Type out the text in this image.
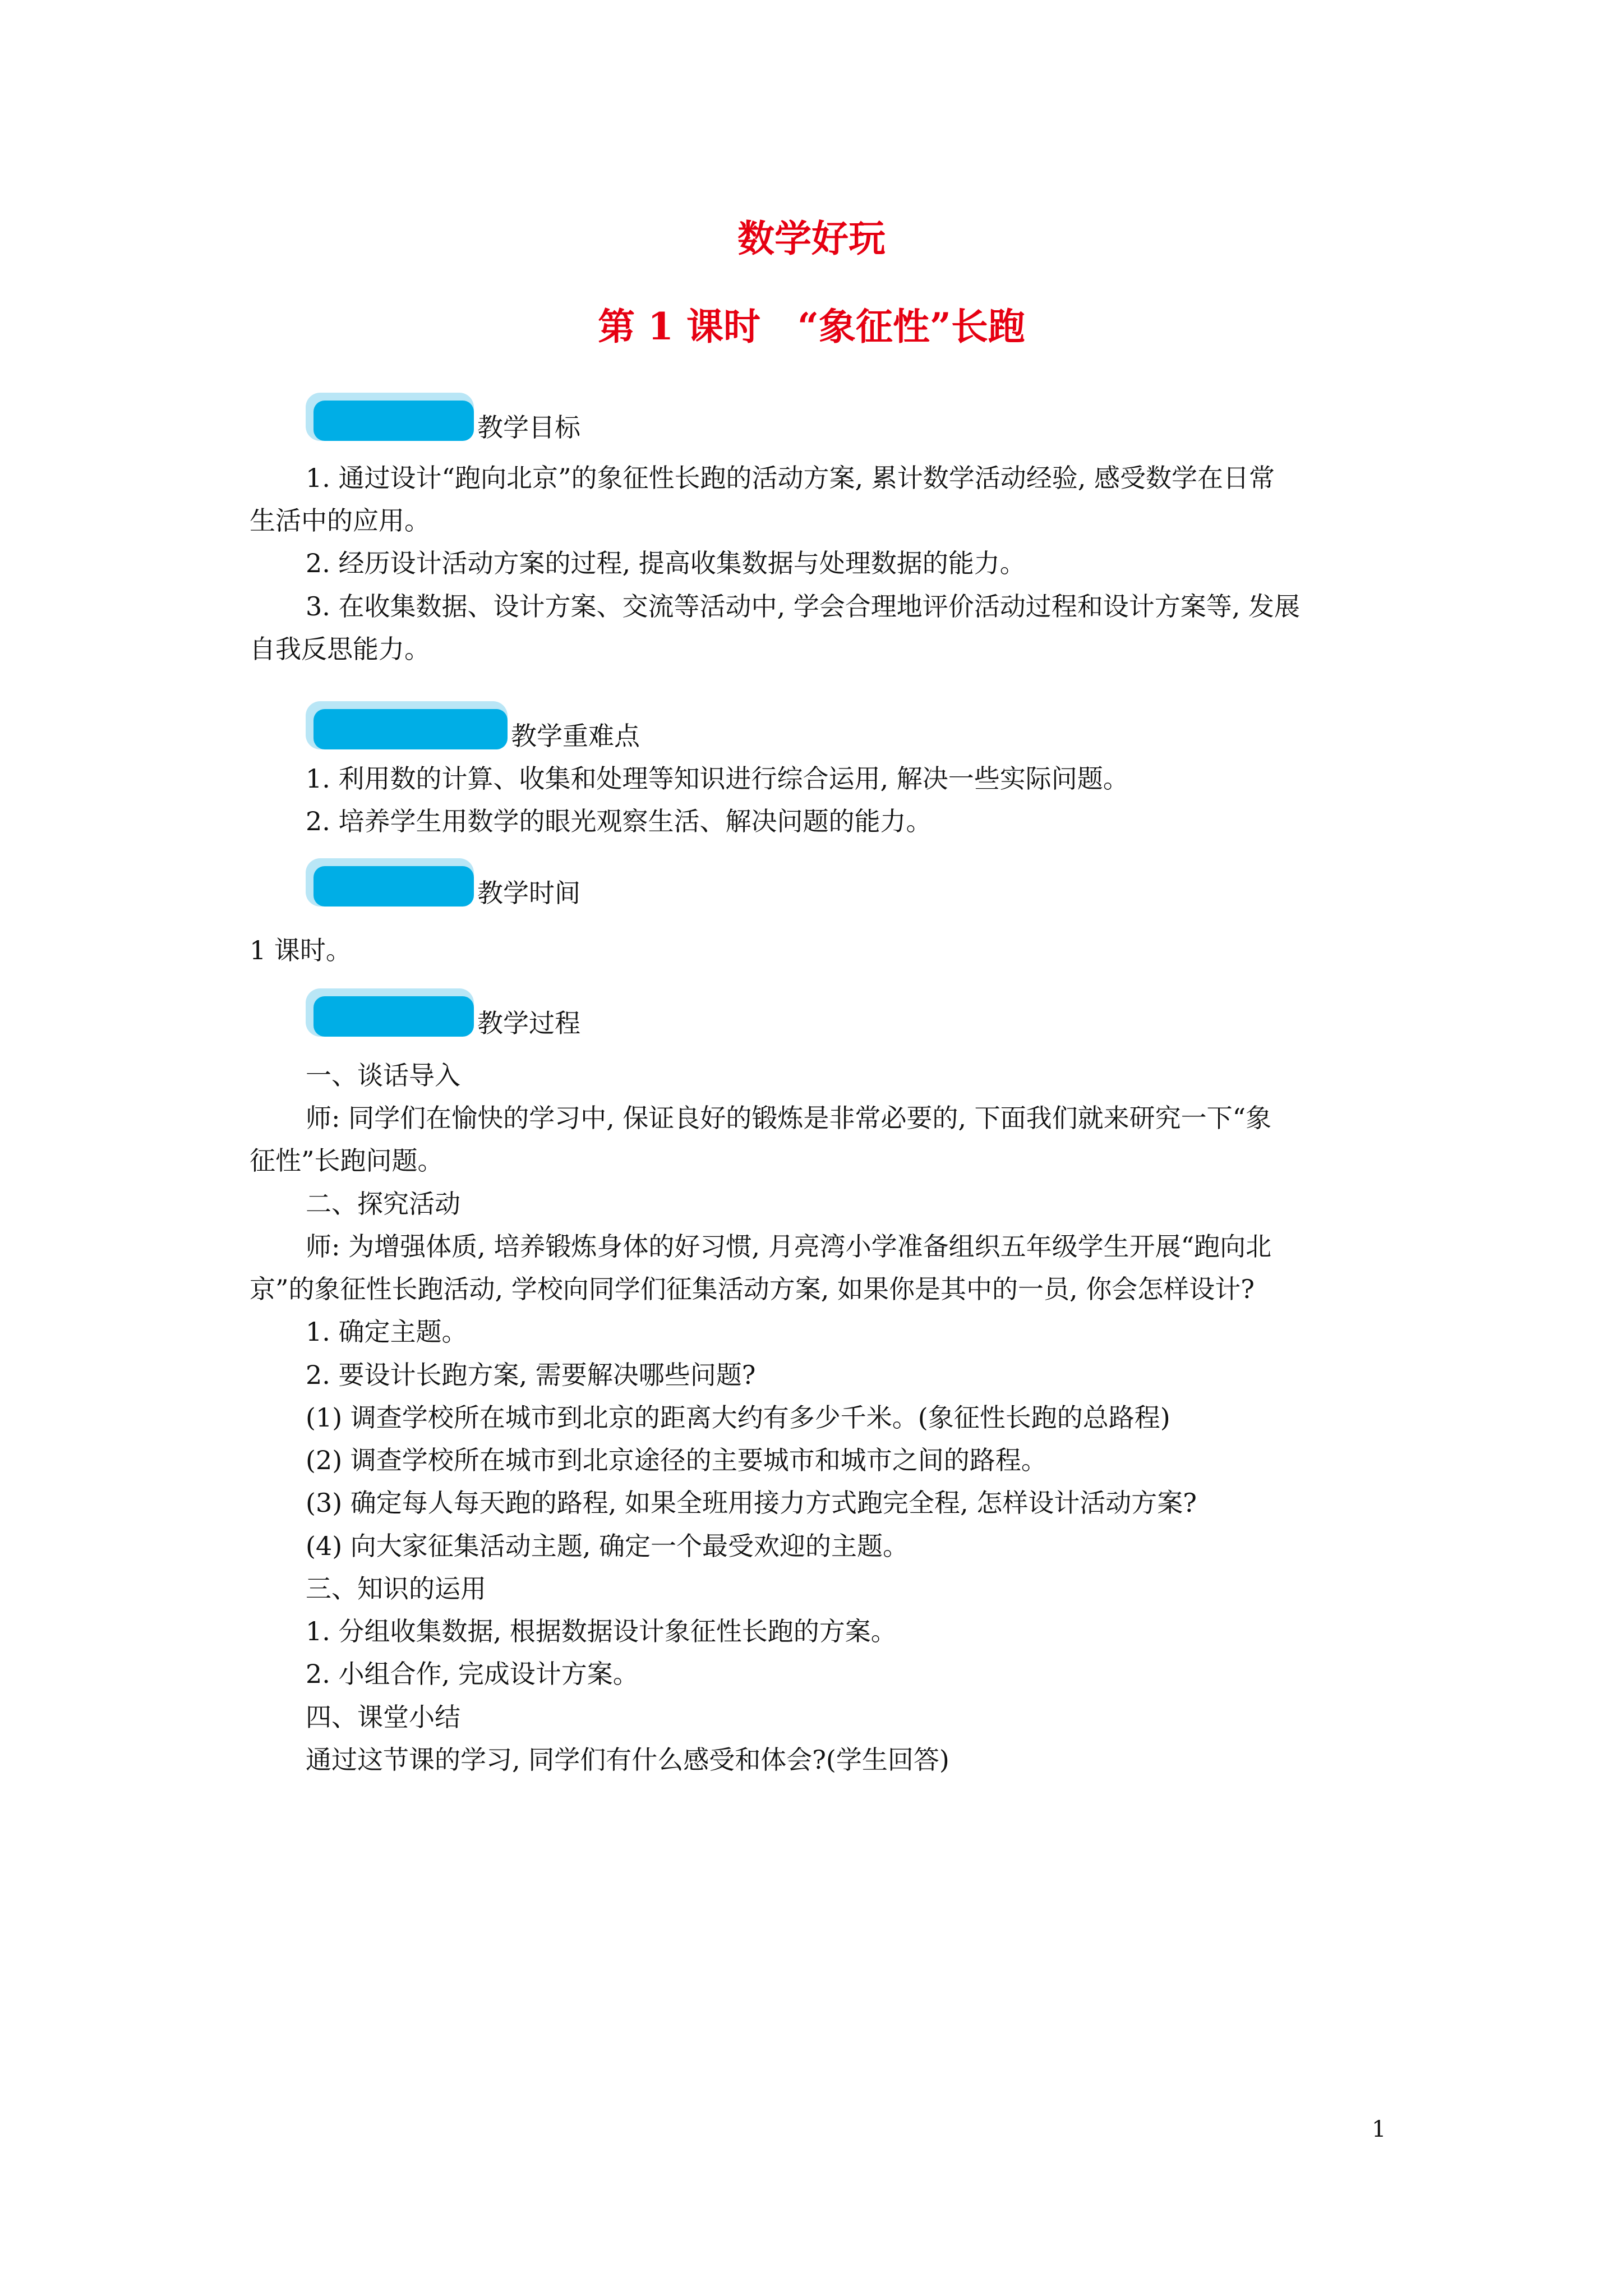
数学好玩
第 1 课时　“象征性”长跑
教学目标
1. 通过设计“跑向北京”的象征性长跑的活动方案, 累计数学活动经验, 感受数学在日常
生活中的应用。
2. 经历设计活动方案的过程, 提高收集数据与处理数据的能力。
3. 在收集数据、设计方案、交流等活动中, 学会合理地评价活动过程和设计方案等, 发展
自我反思能力。
教学重难点
1. 利用数的计算、收集和处理等知识进行综合运用, 解决一些实际问题。
2. 培养学生用数学的眼光观察生活、解决问题的能力。
教学时间
1 课时。
教学过程
一、谈话导入
师: 同学们在愉快的学习中, 保证良好的锻炼是非常必要的, 下面我们就来研究一下“象
征性”长跑问题。
二、探究活动
师: 为增强体质, 培养锻炼身体的好习惯, 月亮湾小学准备组织五年级学生开展“跑向北
京”的象征性长跑活动, 学校向同学们征集活动方案, 如果你是其中的一员, 你会怎样设计?
1. 确定主题。
2. 要设计长跑方案, 需要解决哪些问题?
(1) 调查学校所在城市到北京的距离大约有多少千米。(象征性长跑的总路程)
(2) 调查学校所在城市到北京途径的主要城市和城市之间的路程。
(3) 确定每人每天跑的路程, 如果全班用接力方式跑完全程, 怎样设计活动方案?
(4) 向大家征集活动主题, 确定一个最受欢迎的主题。
三、知识的运用
1. 分组收集数据, 根据数据设计象征性长跑的方案。
2. 小组合作, 完成设计方案。
四、课堂小结
通过这节课的学习, 同学们有什么感受和体会?(学生回答)
1
